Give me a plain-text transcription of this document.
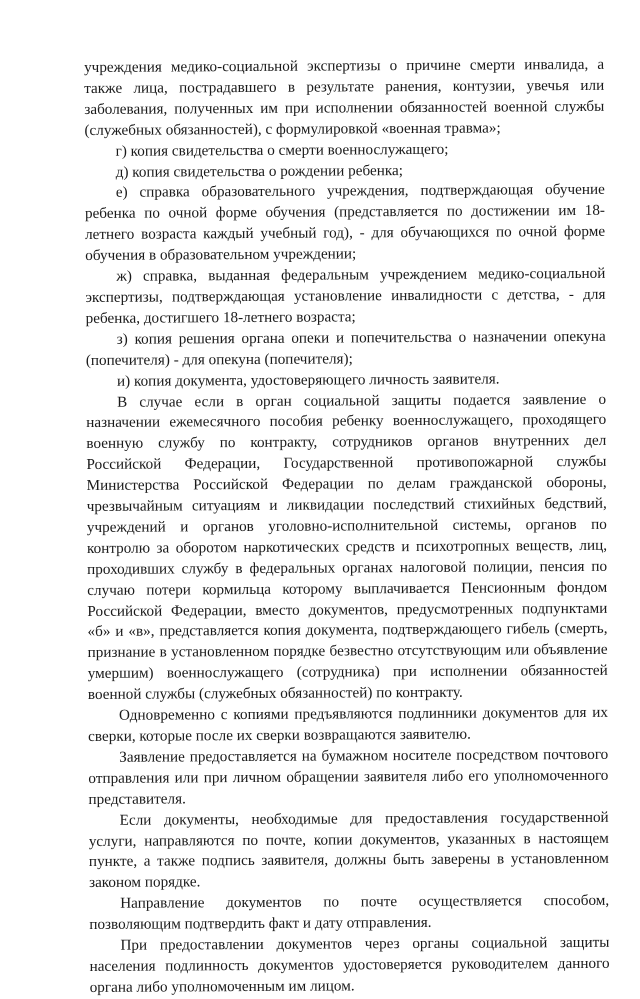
учреждения медико-социальной экспертизы о причине смерти инвалида, а также лица, пострадавшего в результате ранения, контузии, увечья или заболевания, полученных им при исполнении обязанностей военной службы (служебных обязанностей), с формулировкой «военная травма»;

г) копия свидетельства о смерти военнослужащего;

д) копия свидетельства о рождении ребенка;

е) справка образовательного учреждения, подтверждающая обучение ребенка по очной форме обучения (представляется по достижении им 18-летнего возраста каждый учебный год), - для обучающихся по очной форме обучения в образовательном учреждении;

ж) справка, выданная федеральным учреждением медико-социальной экспертизы, подтверждающая установление инвалидности с детства, - для ребенка, достигшего 18-летнего возраста;

з) копия решения органа опеки и попечительства о назначении опекуна (попечителя) - для опекуна (попечителя);

и) копия документа, удостоверяющего личность заявителя.

В случае если в орган социальной защиты подается заявление о назначении ежемесячного пособия ребенку военнослужащего, проходящего военную службу по контракту, сотрудников органов внутренних дел Российской Федерации, Государственной противопожарной службы Министерства Российской Федерации по делам гражданской обороны, чрезвычайным ситуациям и ликвидации последствий стихийных бедствий, учреждений и органов уголовно-исполнительной системы, органов по контролю за оборотом наркотических средств и психотропных веществ, лиц, проходивших службу в федеральных органах налоговой полиции, пенсия по случаю потери кормильца которому выплачивается Пенсионным фондом Российской Федерации, вместо документов, предусмотренных подпунктами «б» и «в», представляется копия документа, подтверждающего гибель (смерть, признание в установленном порядке безвестно отсутствующим или объявление умершим) военнослужащего (сотрудника) при исполнении обязанностей военной службы (служебных обязанностей) по контракту.

Одновременно с копиями предъявляются подлинники документов для их сверки, которые после их сверки возвращаются заявителю.

Заявление предоставляется на бумажном носителе посредством почтового отправления или при личном обращении заявителя либо его уполномоченного представителя.

Если документы, необходимые для предоставления государственной услуги, направляются по почте, копии документов, указанных в настоящем пункте, а также подпись заявителя, должны быть заверены в установленном законом порядке.

Направление документов по почте осуществляется способом, позволяющим подтвердить факт и дату отправления.

При предоставлении документов через органы социальной защиты населения подлинность документов удостоверяется руководителем данного органа либо уполномоченным им лицом.
